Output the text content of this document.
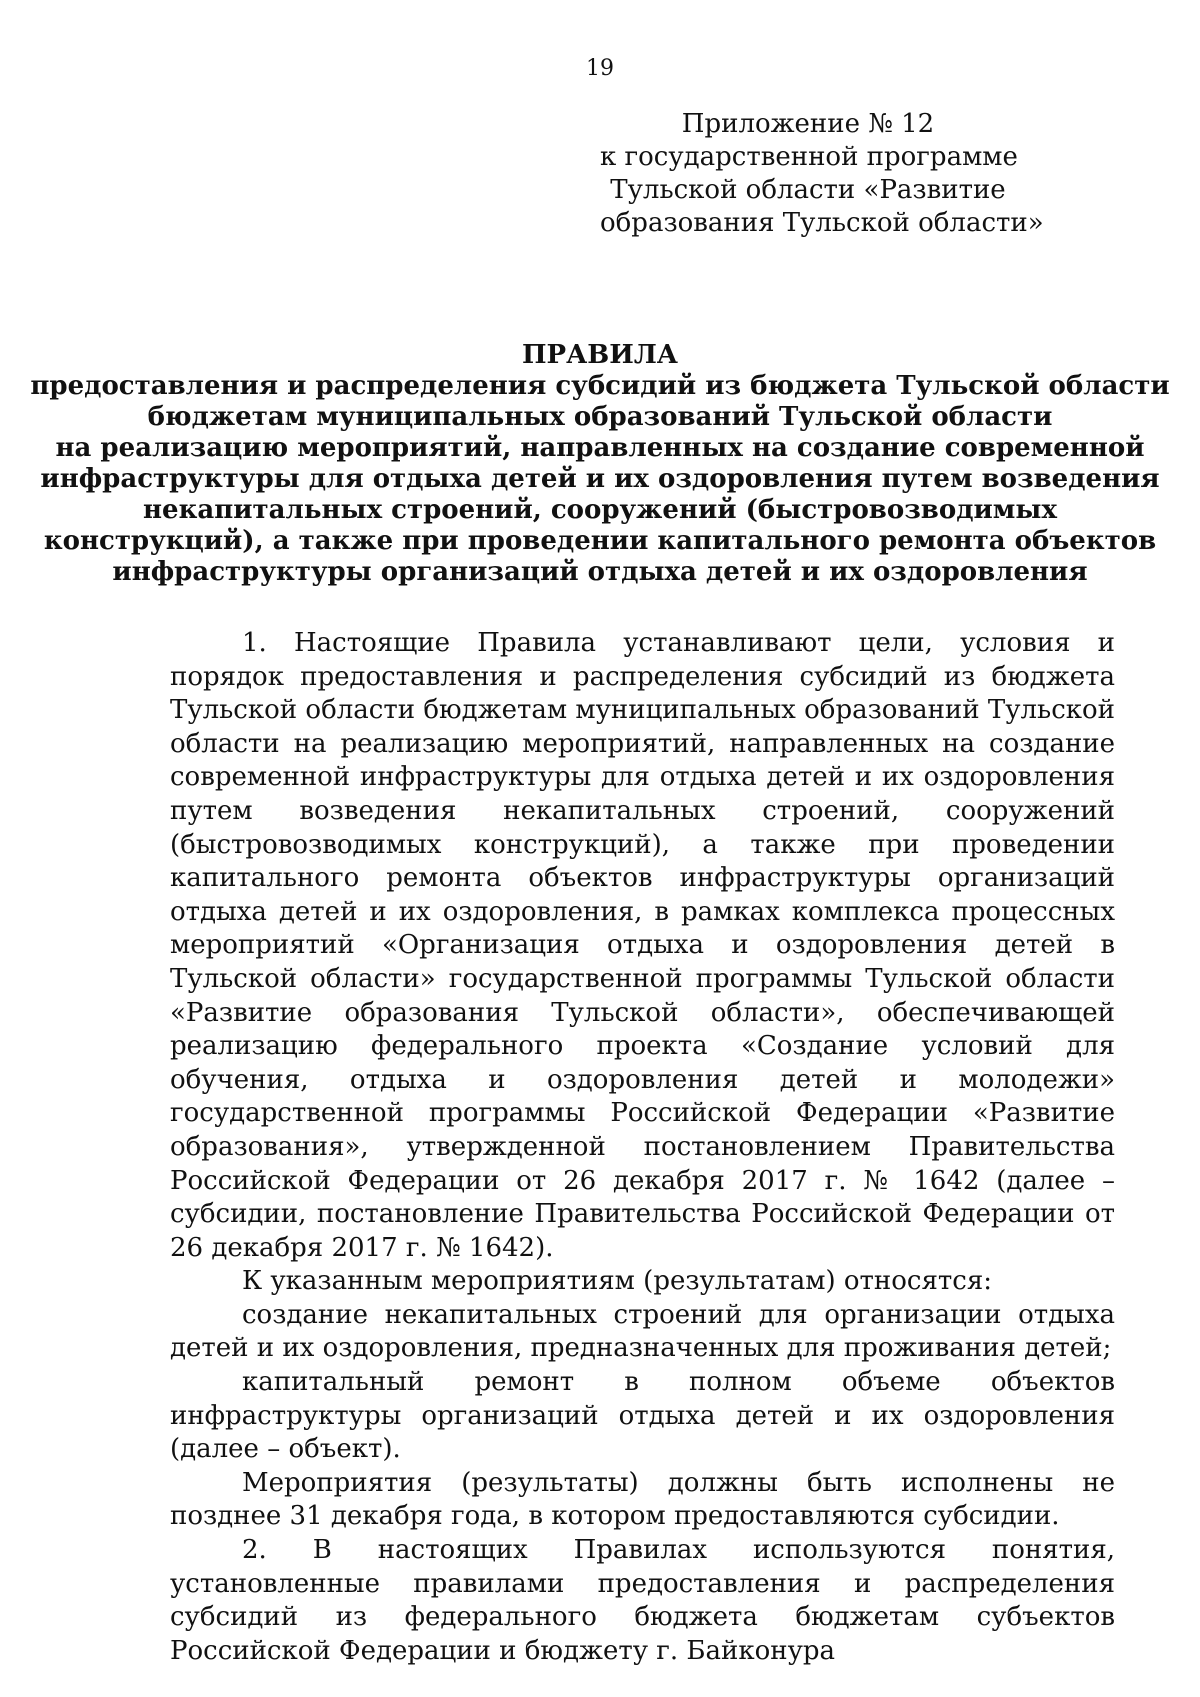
19
Приложение № 12
к государственной программе
Тульской области «Развитие
образования Тульской области»
ПРАВИЛА
предоставления и распределения субсидий из бюджета Тульской области
бюджетам муниципальных образований Тульской области
на реализацию мероприятий, направленных на создание современной
инфраструктуры для отдыха детей и их оздоровления путем возведения
некапитальных строений, сооружений (быстровозводимых
конструкций), а также при проведении капитального ремонта объектов
инфраструктуры организаций отдыха детей и их оздоровления

1. Настоящие Правила устанавливают цели, условия и порядок предоставления и распределения субсидий из бюджета Тульской области бюджетам муниципальных образований Тульской области на реализацию мероприятий, направленных на создание современной инфраструктуры для отдыха детей и их оздоровления путем возведения некапитальных строений, сооружений (быстровозводимых конструкций), а также при проведении капитального ремонта объектов инфраструктуры организаций отдыха детей и их оздоровления, в рамках комплекса процессных мероприятий «Организация отдыха и оздоровления детей в Тульской области» государственной программы Тульской области «Развитие образования Тульской области», обеспечивающей реализацию федерального проекта «Создание условий для обучения, отдыха и оздоровления детей и молодежи» государственной программы Российской Федерации «Развитие образования», утвержденной постановлением Правительства Российской Федерации от 26 декабря 2017 г. № 1642 (далее – субсидии, постановление Правительства Российской Федерации от 26 декабря 2017 г. № 1642).

К указанным мероприятиям (результатам) относятся:

создание некапитальных строений для организации отдыха детей и их оздоровления, предназначенных для проживания детей;

капитальный ремонт в полном объеме объектов инфраструктуры организаций отдыха детей и их оздоровления (далее – объект).

Мероприятия (результаты) должны быть исполнены не позднее 31 декабря года, в котором предоставляются субсидии.

2. В настоящих Правилах используются понятия, установленные правилами предоставления и распределения субсидий из федерального бюджета бюджетам субъектов Российской Федерации и бюджету г. Байконура
